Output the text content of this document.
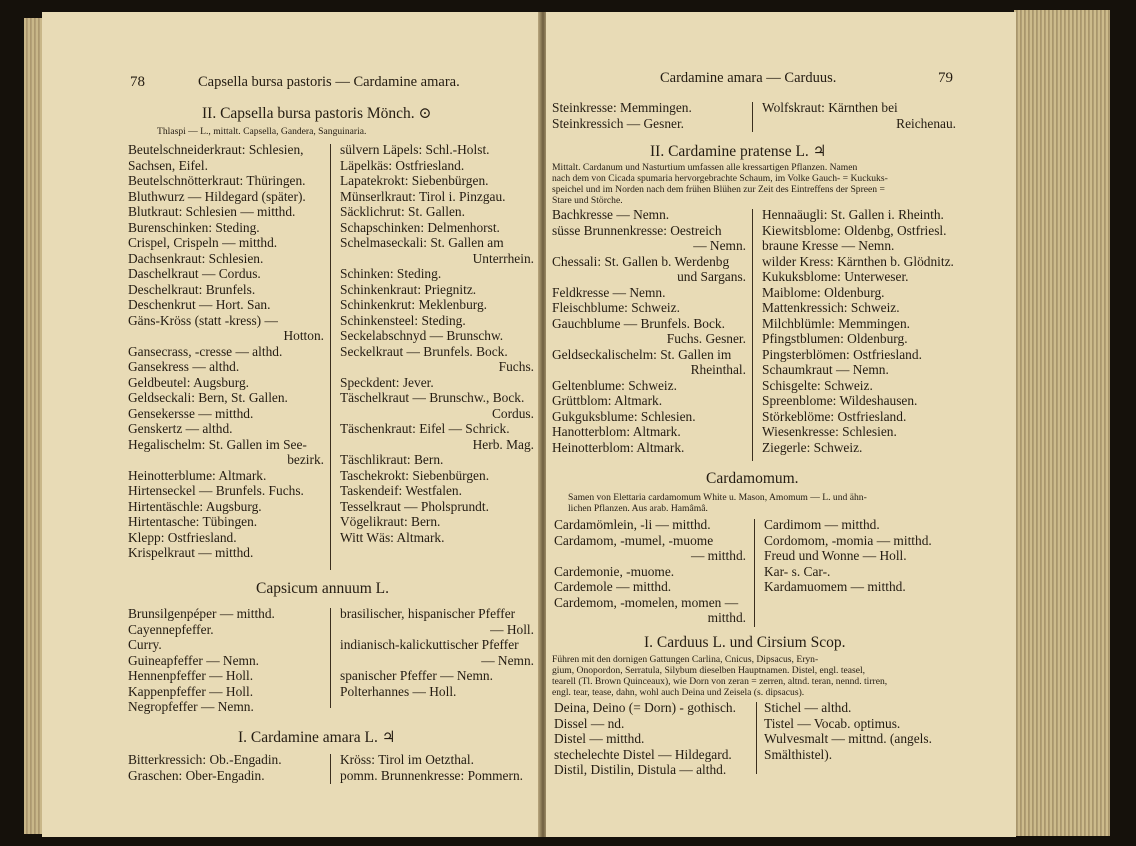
78	Capsella bursa pastoris — Cardamine amara.
II. Capsella bursa pastoris Mönch. ⊙
Thlaspi — L., mittalt. Capsella, Gandera, Sanguinaria.
Beutelschneiderkraut: Schlesien,
Sachsen, Eifel.
Beutelschnötterkraut: Thüringen.
Bluthwurz — Hildegard (später).
Blutkraut: Schlesien — mitthd.
Burenschinken: Steding.
Crispel, Crispeln — mitthd.
Dachsenkraut: Schlesien.
Daschelkraut — Cordus.
Deschelkraut: Brunfels.
Deschenkrut — Hort. San.
Gäns-Kröss (statt -kress) —
Hotton.
Gansecrass, -cresse — althd.
Gansekress — althd.
Geldbeutel: Augsburg.
Geldseckali: Bern, St. Gallen.
Gensekersse — mitthd.
Genskertz — althd.
Hegalischelm: St. Gallen im See-
bezirk.
Heinotterblume: Altmark.
Hirtenseckel — Brunfels. Fuchs.
Hirtentäschle: Augsburg.
Hirtentasche: Tübingen.
Klepp: Ostfriesland.
Krispelkraut — mitthd.
sülvern Läpels: Schl.-Holst.
Läpelkäs: Ostfriesland.
Lapatekrokt: Siebenbürgen.
Münserlkraut: Tirol i. Pinzgau.
Säcklichrut: St. Gallen.
Schapschinken: Delmenhorst.
Schelmaseckali: St. Gallen am
Unterrhein.
Schinken: Steding.
Schinkenkraut: Priegnitz.
Schinkenkrut: Meklenburg.
Schinkensteel: Steding.
Seckelabschnyd — Brunschw.
Seckelkraut — Brunfels. Bock.
Fuchs.
Speckdent: Jever.
Täschelkraut — Brunschw., Bock.
Cordus.
Täschenkraut: Eifel — Schrick.
Herb. Mag.
Täschlikraut: Bern.
Taschekrokt: Siebenbürgen.
Taskendeif: Westfalen.
Tesselkraut — Pholsprundt.
Vögelikraut: Bern.
Witt Wäs: Altmark.
Capsicum annuum L.
Brunsilgenpéper — mitthd.
Cayennepfeffer.
Curry.
Guineapfeffer — Nemn.
Hennenpfeffer — Holl.
Kappenpfeffer — Holl.
Negropfeffer — Nemn.
brasilischer, hispanischer Pfeffer
— Holl.
indianisch-kalickuttischer Pfeffer
— Nemn.
spanischer Pfeffer — Nemn.
Polterhannes — Holl.
I. Cardamine amara L. ♃
Bitterkressich: Ob.-Engadin.
Graschen: Ober-Engadin.
Kröss: Tirol im Oetzthal.
pomm. Brunnenkresse: Pommern.
Cardamine amara — Carduus.	79
Steinkresse: Memmingen.
Steinkressich — Gesner.
Wolfskraut: Kärnthen bei
Reichenau.
II. Cardamine pratense L. ♃
Mittalt. Cardanum und Nasturtium umfassen alle kressartigen Pflanzen. Namen
nach dem von Cicada spumaria hervorgebrachte Schaum, im Volke Gauch- = Kuckuks-
speichel und im Norden nach dem frühen Blühen zur Zeit des Eintreffens der Spreen =
Stare und Störche.
Bachkresse — Nemn.
süsse Brunnenkresse: Oestreich
— Nemn.
Chessali: St. Gallen b. Werdenbg
und Sargans.
Feldkresse — Nemn.
Fleischblume: Schweiz.
Gauchblume — Brunfels. Bock.
Fuchs. Gesner.
Geldseckalischelm: St. Gallen im
Rheinthal.
Geltenblume: Schweiz.
Grüttblom: Altmark.
Gukguksblume: Schlesien.
Hanotterblom: Altmark.
Heinotterblom: Altmark.
Hennaäugli: St. Gallen i. Rheinth.
Kiewitsblome: Oldenbg, Ostfriesl.
braune Kresse — Nemn.
wilder Kress: Kärnthen b. Glödnitz.
Kukuksblome: Unterweser.
Maiblome: Oldenburg.
Mattenkressich: Schweiz.
Milchblümle: Memmingen.
Pfingstblumen: Oldenburg.
Pingsterblömen: Ostfriesland.
Schaumkraut — Nemn.
Schisgelte: Schweiz.
Spreenblome: Wildeshausen.
Störkeblöme: Ostfriesland.
Wiesenkresse: Schlesien.
Ziegerle: Schweiz.
Cardamomum.
Samen von Elettaria cardamomum White u. Mason, Amomum — L. und ähn-
lichen Pflanzen. Aus arab. Hamâmâ.
Cardamömlein, -li — mitthd.
Cardamom, -mumel, -muome
— mitthd.
Cardemonie, -muome.
Cardemole — mitthd.
Cardemom, -momelen, momen —
mitthd.
Cardimom — mitthd.
Cordomom, -momia — mitthd.
Freud und Wonne — Holl.
Kar- s. Car-.
Kardamuomem — mitthd.
I. Carduus L. und Cirsium Scop.
Führen mit den dornigen Gattungen Carlina, Cnicus, Dipsacus, Eryn-
gium, Onopordon, Serratula, Silybum dieselben Hauptnamen. Distel, engl. teasel,
tearell (Tl. Brown Quinceaux), wie Dorn von zeran = zerren, altnd. teran, nennd. tirren,
engl. tear, tease, dahn, wohl auch Deina und Zeisela (s. dipsacus).
Deina, Deino (= Dorn) - gothisch.
Dissel — nd.
Distel — mitthd.
stechelechte Distel — Hildegard.
Distil, Distilin, Distula — althd.
Stichel — althd.
Tistel — Vocab. optimus.
Wulvesmalt — mittnd. (angels.
Smälthistel).
